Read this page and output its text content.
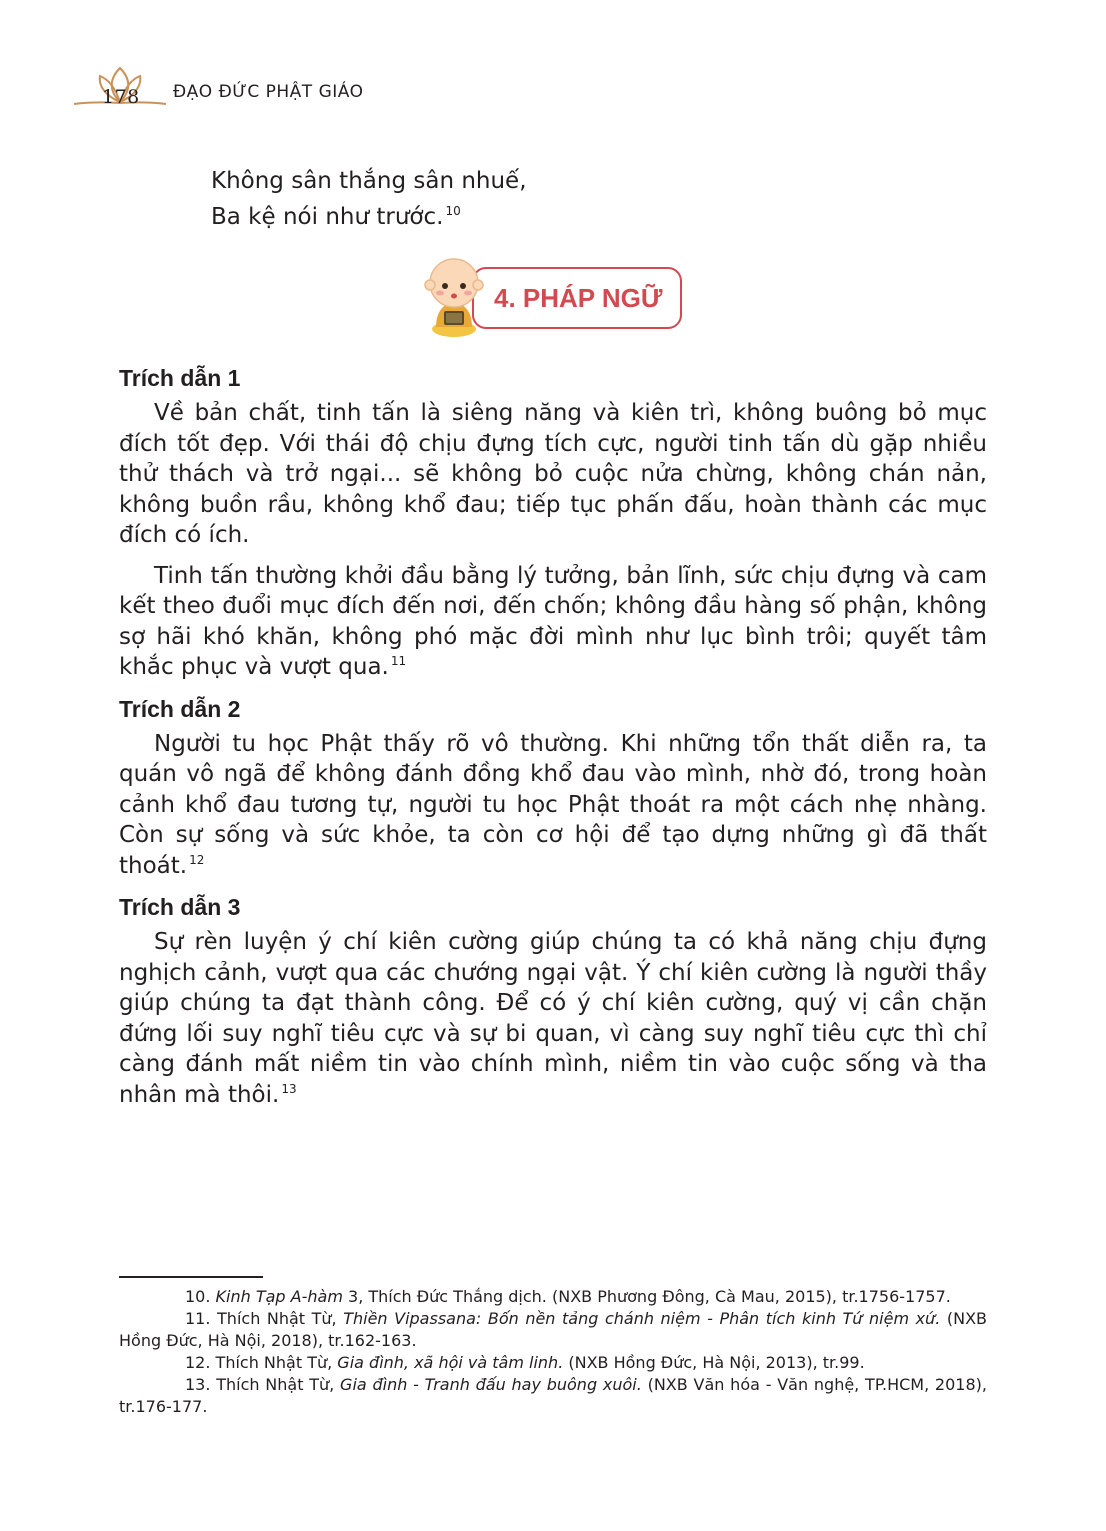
178 ĐẠO ĐỨC PHẬT GIÁO
Không sân thắng sân nhuế,
Ba kệ nói như trước. $^{10}$
4. PHÁP NGỮ

Trích dẫn 1

Về bản chất, tinh tấn là siêng năng và kiên trì, không buông bỏ mục đích tốt đẹp. Với thái độ chịu đựng tích cực, người tinh tấn dù gặp nhiều thử thách và trở ngại... sẽ không bỏ cuộc nửa chừng, không chán nản, không buồn rầu, không khổ đau; tiếp tục phấn đấu, hoàn thành các mục đích có ích.

Tinh tấn thường khởi đầu bằng lý tưởng, bản lĩnh, sức chịu đựng và cam kết theo đuổi mục đích đến nơi, đến chốn; không đầu hàng số phận, không sợ hãi khó khăn, không phó mặc đời mình như lục bình trôi; quyết tâm khắc phục và vượt qua. $^{11}$

Trích dẫn 2

Người tu học Phật thấy rõ vô thường. Khi những tổn thất diễn ra, ta quán vô ngã để không đánh đồng khổ đau vào mình, nhờ đó, trong hoàn cảnh khổ đau tương tự, người tu học Phật thoát ra một cách nhẹ nhàng. Còn sự sống và sức khỏe, ta còn cơ hội để tạo dựng những gì đã thất thoát. $^{12}$

Trích dẫn 3

Sự rèn luyện ý chí kiên cường giúp chúng ta có khả năng chịu đựng nghịch cảnh, vượt qua các chướng ngại vật. Ý chí kiên cường là người thầy giúp chúng ta đạt thành công. Để có ý chí kiên cường, quý vị cần chặn đứng lối suy nghĩ tiêu cực và sự bi quan, vì càng suy nghĩ tiêu cực thì chỉ càng đánh mất niềm tin vào chính mình, niềm tin vào cuộc sống và tha nhân mà thôi. $^{13}$

10. Kinh Tạp A-hàm 3, Thích Đức Thắng dịch. (NXB Phương Đông, Cà Mau, 2015), tr.1756-1757.

11. Thích Nhật Từ, Thiền Vipassana: Bốn nền tảng chánh niệm - Phân tích kinh Tứ niệm xứ. (NXB Hồng Đức, Hà Nội, 2018), tr.162-163.

12. Thích Nhật Từ, Gia đình, xã hội và tâm linh. (NXB Hồng Đức, Hà Nội, 2013), tr.99.

13. Thích Nhật Từ, Gia đình - Tranh đấu hay buông xuôi. (NXB Văn hóa - Văn nghệ, TP.HCM, 2018), tr.176-177.
